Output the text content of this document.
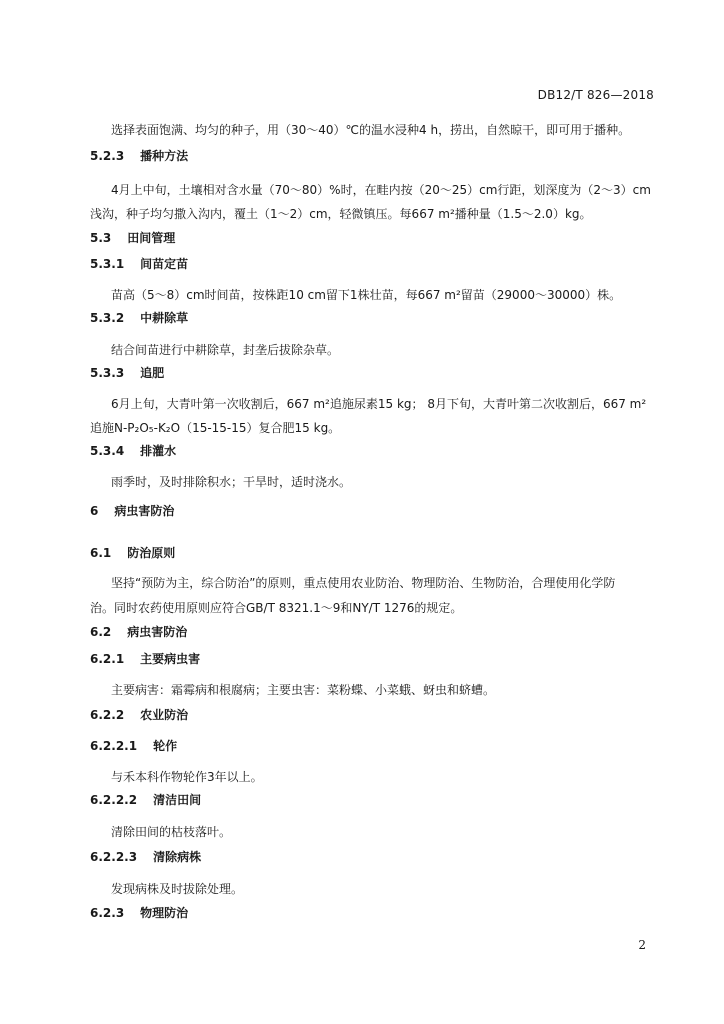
DB12/T 826—2018
选择表面饱满、均匀的种子，用（30～40）℃的温水浸种4 h，捞出，自然晾干，即可用于播种。
5.2.3 播种方法
4月上中旬，土壤相对含水量（70～80）%时，在畦内按（20～25）cm行距，划深度为（2～3）cm
浅沟，种子均匀撒入沟内，覆土（1～2）cm，轻微镇压。每667 m²播种量（1.5～2.0）kg。
5.3 田间管理
5.3.1 间苗定苗
苗高（5～8）cm时间苗，按株距10 cm留下1株壮苗，每667 m²留苗（29000～30000）株。
5.3.2 中耕除草
结合间苗进行中耕除草，封垄后拔除杂草。
5.3.3 追肥
6月上旬，大青叶第一次收割后，667 m²追施尿素15 kg； 8月下旬，大青叶第二次收割后，667 m²
追施N-P₂O₅-K₂O（15-15-15）复合肥15 kg。
5.3.4 排灌水
雨季时，及时排除积水；干旱时，适时浇水。
6 病虫害防治
6.1 防治原则
坚持“预防为主，综合防治”的原则，重点使用农业防治、物理防治、生物防治，合理使用化学防
治。同时农药使用原则应符合GB/T 8321.1～9和NY/T 1276的规定。
6.2 病虫害防治
6.2.1 主要病虫害
主要病害：霜霉病和根腐病；主要虫害：菜粉蝶、小菜蛾、蚜虫和蛴螬。
6.2.2 农业防治
6.2.2.1 轮作
与禾本科作物轮作3年以上。
6.2.2.2 清洁田间
清除田间的枯枝落叶。
6.2.2.3 清除病株
发现病株及时拔除处理。
6.2.3 物理防治
2
